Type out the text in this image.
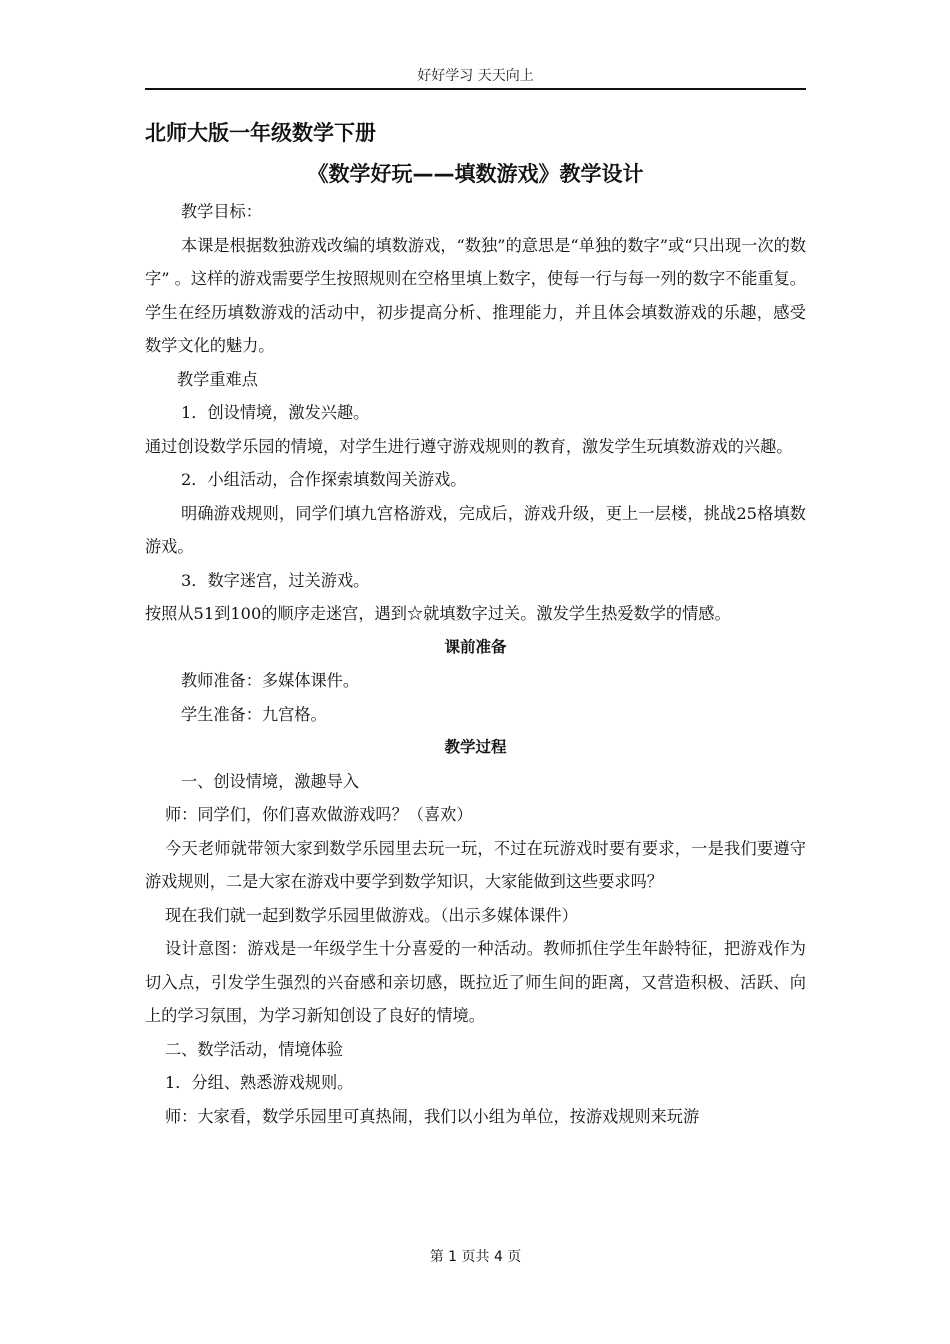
好好学习 天天向上
北师大版一年级数学下册
《数学好玩——填数游戏》教学设计

教学目标：

本课是根据数独游戏改编的填数游戏，“数独”的意思是“单独的数字”或“只出现一次的数字” 。这样的游戏需要学生按照规则在空格里填上数字，使每一行与每一列的数字不能重复。学生在经历填数游戏的活动中，初步提高分析、推理能力，并且体会填数游戏的乐趣，感受数学文化的魅力。

教学重难点

1．创设情境，激发兴趣。

通过创设数学乐园的情境，对学生进行遵守游戏规则的教育，激发学生玩填数游戏的兴趣。

2．小组活动，合作探索填数闯关游戏。

明确游戏规则，同学们填九宫格游戏，完成后，游戏升级，更上一层楼，挑战25格填数游戏。

3．数字迷宫，过关游戏。

按照从51到100的顺序走迷宫，遇到☆就填数字过关。激发学生热爱数学的情感。

课前准备

教师准备：多媒体课件。

学生准备：九宫格。

教学过程

一、创设情境，激趣导入

师：同学们，你们喜欢做游戏吗？（喜欢）

今天老师就带领大家到数学乐园里去玩一玩，不过在玩游戏时要有要求，一是我们要遵守游戏规则，二是大家在游戏中要学到数学知识，大家能做到这些要求吗？

现在我们就一起到数学乐园里做游戏。（出示多媒体课件）

设计意图：游戏是一年级学生十分喜爱的一种活动。教师抓住学生年龄特征，把游戏作为切入点，引发学生强烈的兴奋感和亲切感，既拉近了师生间的距离，又营造积极、活跃、向上的学习氛围，为学习新知创设了良好的情境。

二、数学活动，情境体验

1．分组、熟悉游戏规则。

师：大家看，数学乐园里可真热闹，我们以小组为单位，按游戏规则来玩游

第 1 页共 4 页
